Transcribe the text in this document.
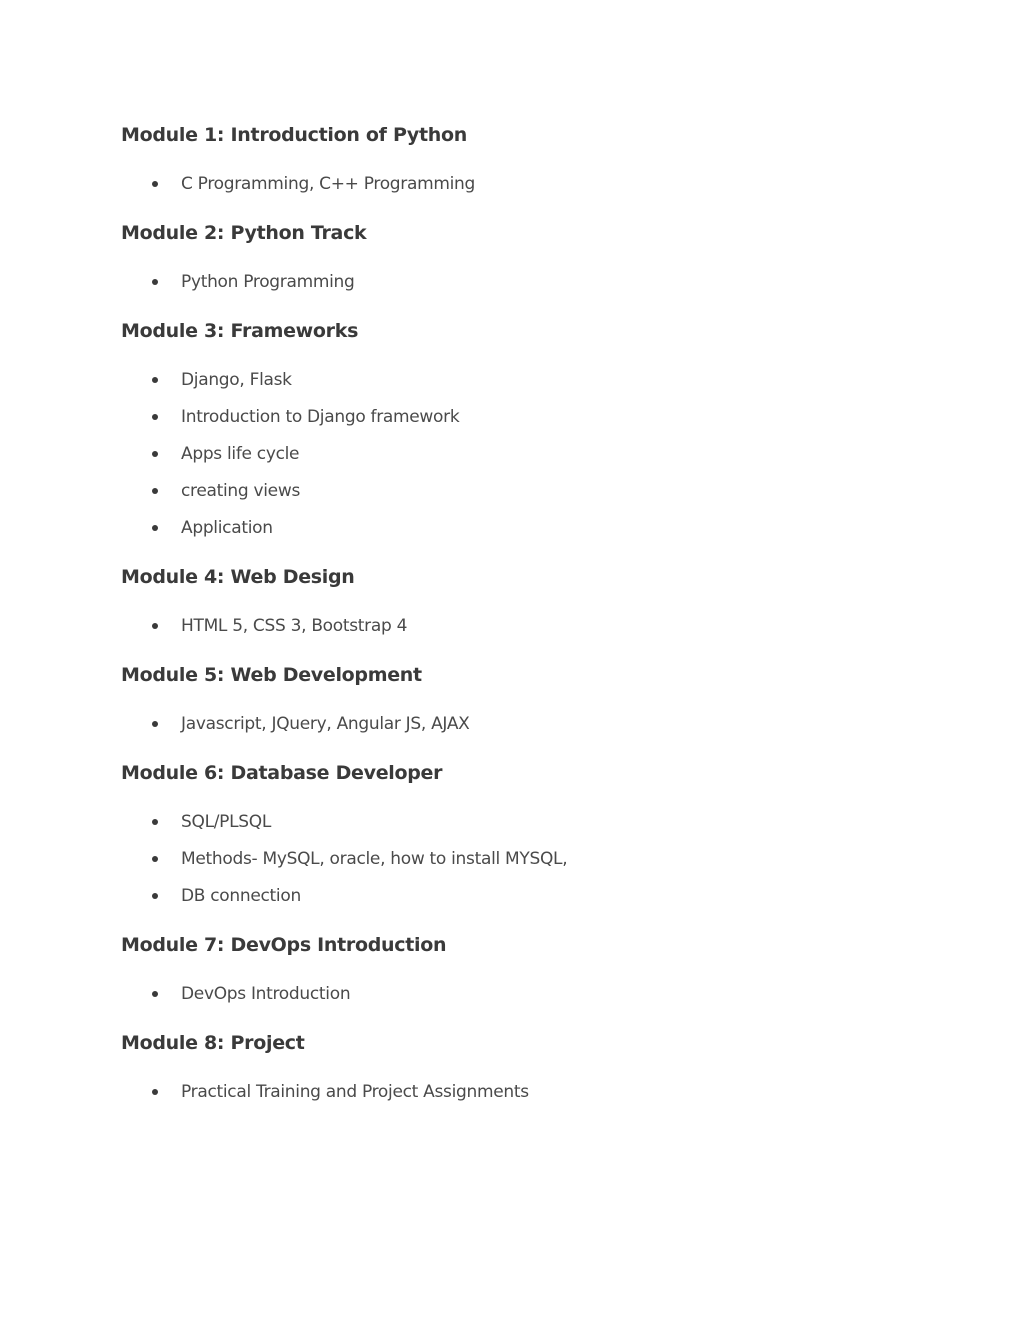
Module 1: Introduction of Python
C Programming, C++ Programming
Module 2: Python Track
Python Programming
Module 3: Frameworks
Django, Flask
Introduction to Django framework
Apps life cycle
creating views
Application
Module 4: Web Design
HTML 5, CSS 3, Bootstrap 4
Module 5: Web Development
Javascript, JQuery, Angular JS, AJAX
Module 6: Database Developer
SQL/PLSQL
Methods- MySQL, oracle, how to install MYSQL,
DB connection
Module 7: DevOps Introduction
DevOps Introduction
Module 8: Project
Practical Training and Project Assignments
